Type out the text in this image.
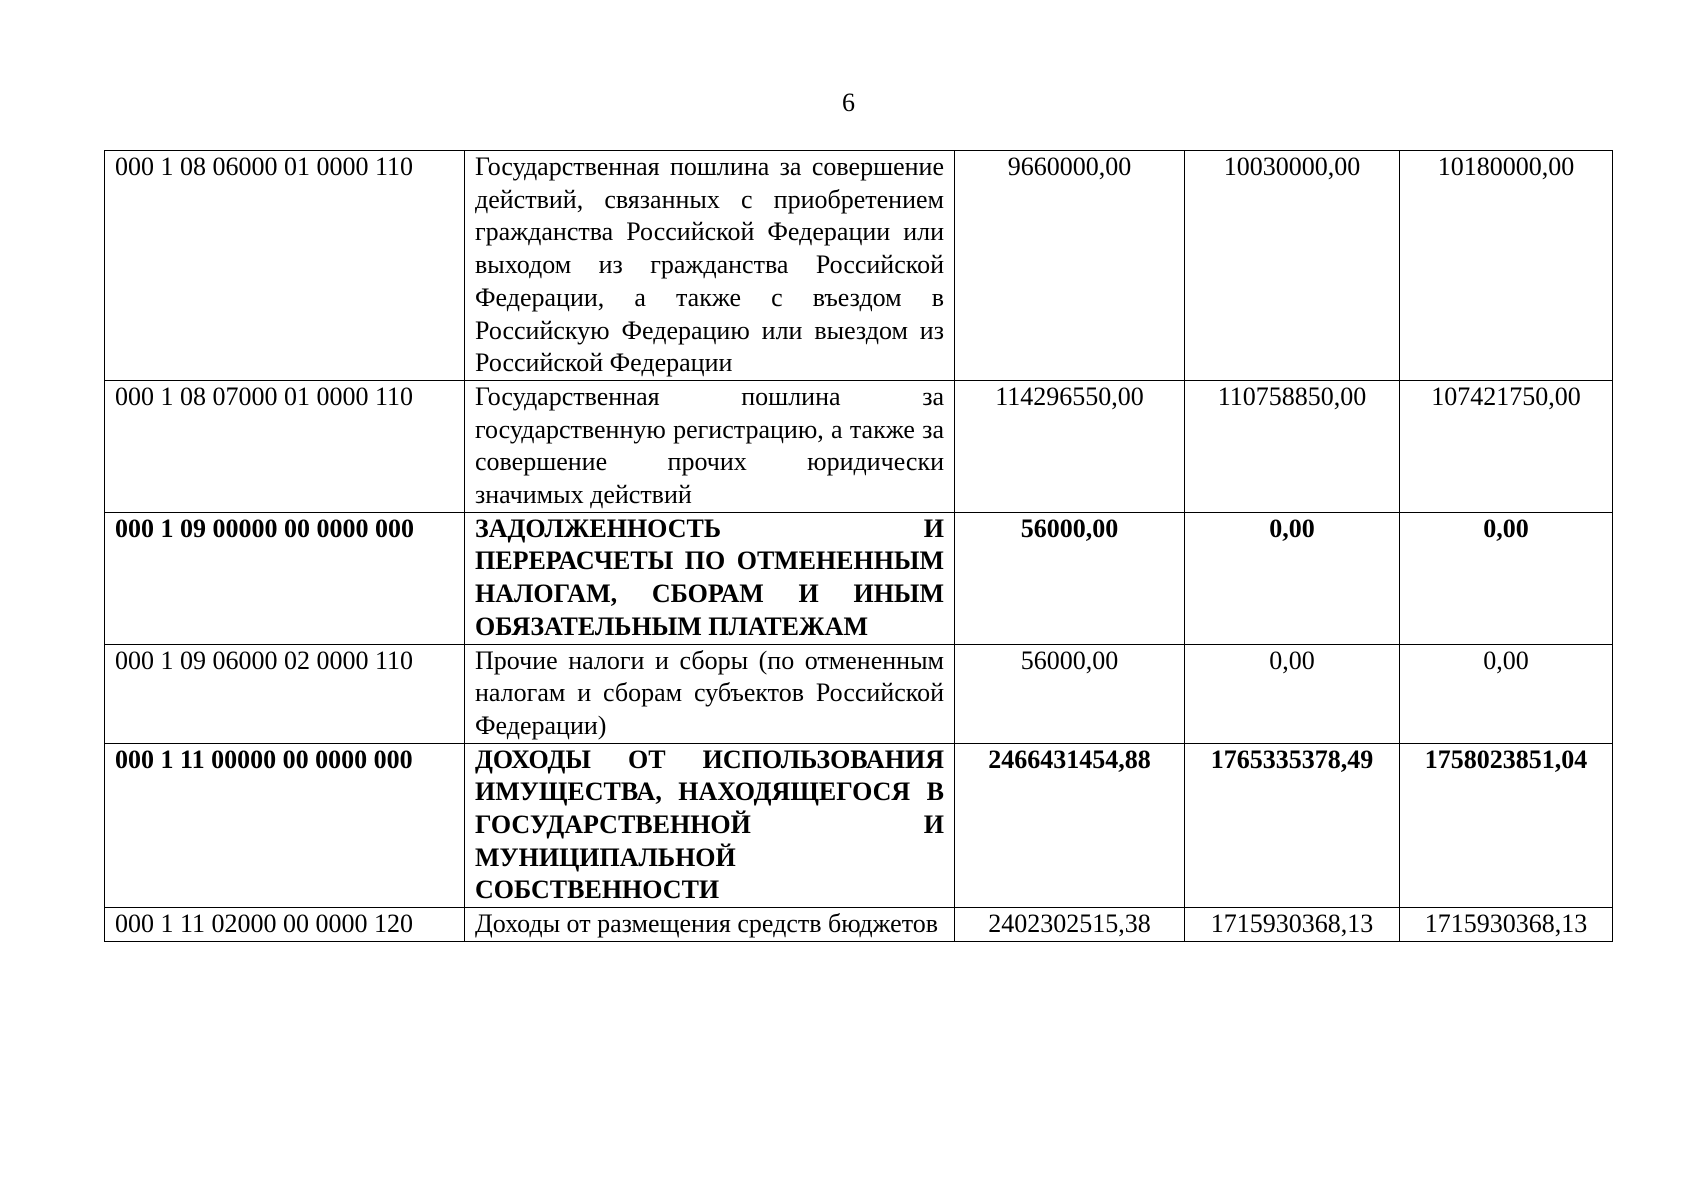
6
000 1 08 06000 01 0000 110	Государственная пошлина за совершение действий, связанных с приобретением гражданства Российской Федерации или выходом из гражданства Российской Федерации, а также с въездом в Российскую Федерацию или выездом из Российской Федерации	9660000,00	10030000,00	10180000,00
000 1 08 07000 01 0000 110	Государственная пошлина за государственную регистрацию, а также за совершение прочих юридически значимых действий	114296550,00	110758850,00	107421750,00
000 1 09 00000 00 0000 000	ЗАДОЛЖЕННОСТЬ И ПЕРЕРАСЧЕТЫ ПО ОТМЕНЕННЫМ НАЛОГАМ, СБОРАМ И ИНЫМ ОБЯЗАТЕЛЬНЫМ ПЛАТЕЖАМ	56000,00	0,00	0,00
000 1 09 06000 02 0000 110	Прочие налоги и сборы (по отмененным налогам и сборам субъектов Российской Федерации)	56000,00	0,00	0,00
000 1 11 00000 00 0000 000	ДОХОДЫ ОТ ИСПОЛЬЗОВАНИЯ ИМУЩЕСТВА, НАХОДЯЩЕГОСЯ В ГОСУДАРСТВЕННОЙ И МУНИЦИПАЛЬНОЙ СОБСТВЕННОСТИ	2466431454,88	1765335378,49	1758023851,04
000 1 11 02000 00 0000 120	Доходы от размещения средств бюджетов	2402302515,38	1715930368,13	1715930368,13
